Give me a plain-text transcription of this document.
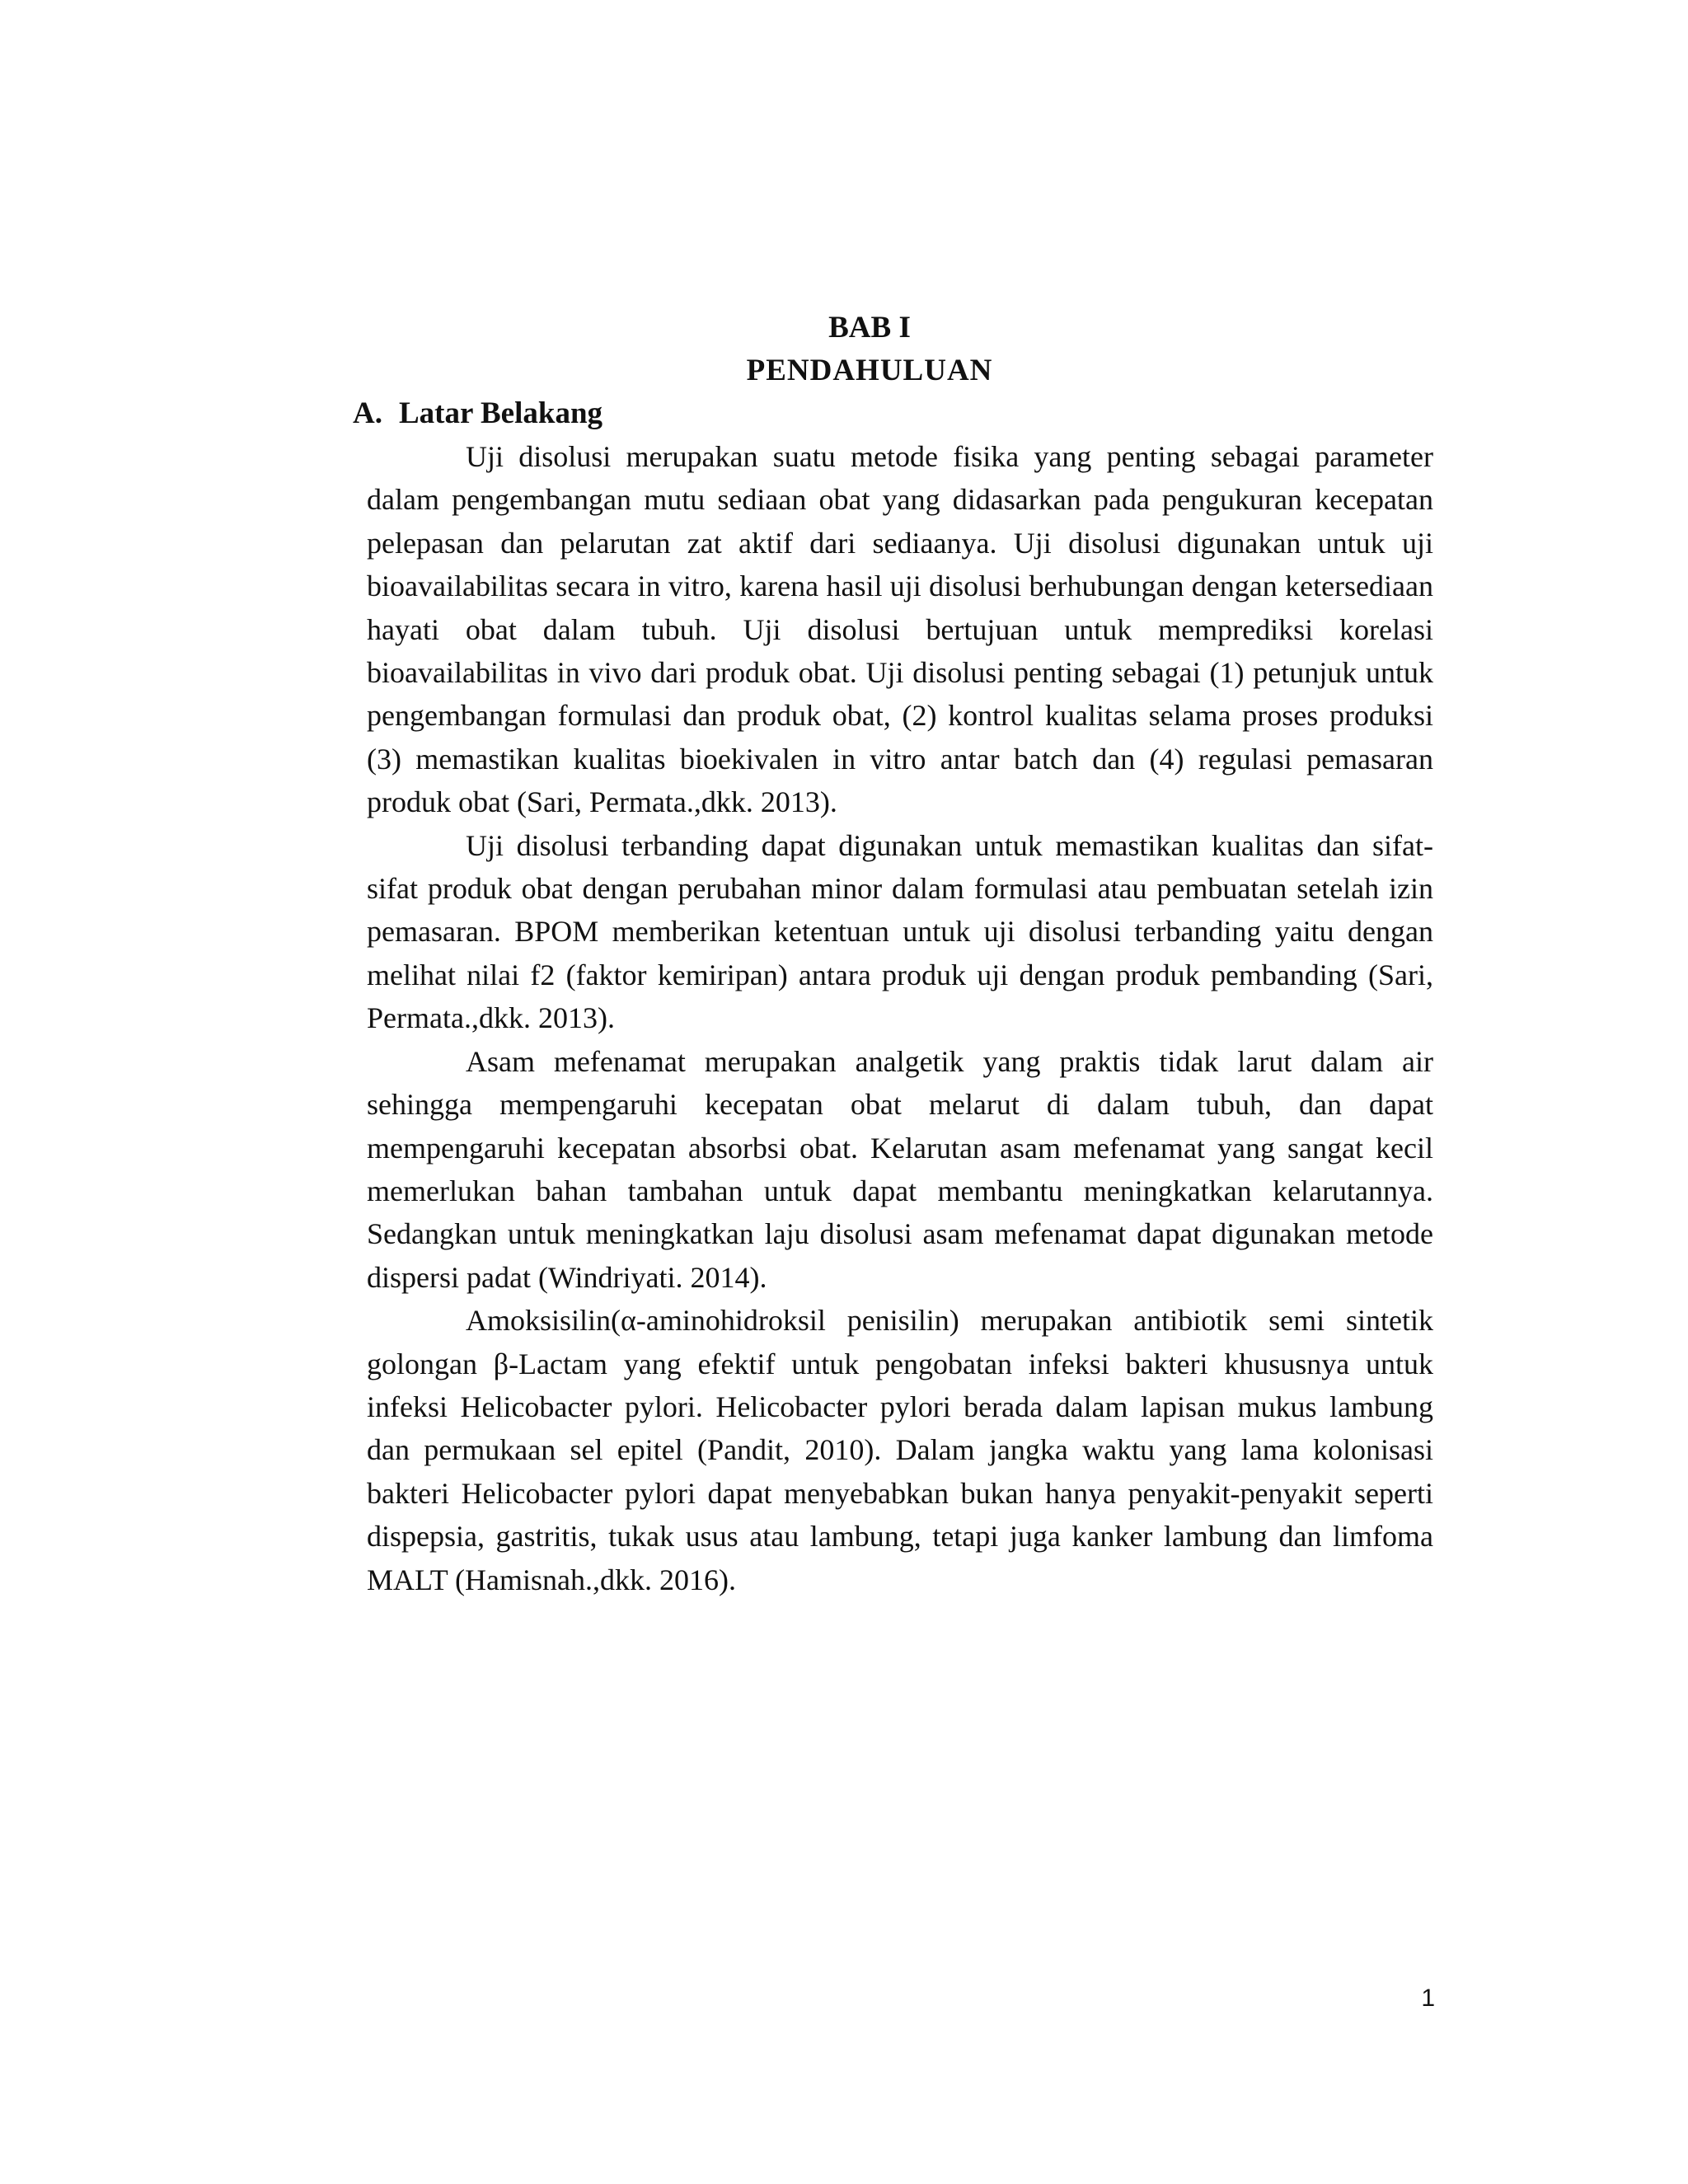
BAB I
PENDAHULUAN
A. Latar Belakang

Uji disolusi merupakan suatu metode fisika yang penting sebagai parameter dalam pengembangan mutu sediaan obat yang didasarkan pada pengukuran kecepatan pelepasan dan pelarutan zat aktif dari sediaanya. Uji disolusi digunakan untuk uji bioavailabilitas secara in vitro, karena hasil uji disolusi berhubungan dengan ketersediaan hayati obat dalam tubuh. Uji disolusi bertujuan untuk memprediksi korelasi bioavailabilitas in vivo dari produk obat. Uji disolusi penting sebagai (1) petunjuk untuk pengembangan formulasi dan produk obat, (2) kontrol kualitas selama proses produksi (3) memastikan kualitas bioekivalen in vitro antar batch dan (4) regulasi pemasaran produk obat (Sari, Permata.,dkk. 2013).

Uji disolusi terbanding dapat digunakan untuk memastikan kualitas dan sifat- sifat produk obat dengan perubahan minor dalam formulasi atau pembuatan setelah izin pemasaran. BPOM memberikan ketentuan untuk uji disolusi terbanding yaitu dengan melihat nilai f2 (faktor kemiripan) antara produk uji dengan produk pembanding (Sari, Permata.,dkk. 2013).

Asam mefenamat merupakan analgetik yang praktis tidak larut dalam air sehingga mempengaruhi kecepatan obat melarut di dalam tubuh, dan dapat mempengaruhi kecepatan absorbsi obat. Kelarutan asam mefenamat yang sangat kecil memerlukan bahan tambahan untuk dapat membantu meningkatkan kelarutannya. Sedangkan untuk meningkatkan laju disolusi asam mefenamat dapat digunakan metode dispersi padat (Windriyati. 2014).

Amoksisilin(α-aminohidroksil penisilin) merupakan antibiotik semi sintetik golongan β-Lactam yang efektif untuk pengobatan infeksi bakteri khususnya untuk infeksi Helicobacter pylori. Helicobacter pylori berada dalam lapisan mukus lambung dan permukaan sel epitel (Pandit, 2010). Dalam jangka waktu yang lama kolonisasi bakteri Helicobacter pylori dapat menyebabkan bukan hanya penyakit-penyakit seperti dispepsia, gastritis, tukak usus atau lambung, tetapi juga kanker lambung dan limfoma MALT (Hamisnah.,dkk. 2016).

1
